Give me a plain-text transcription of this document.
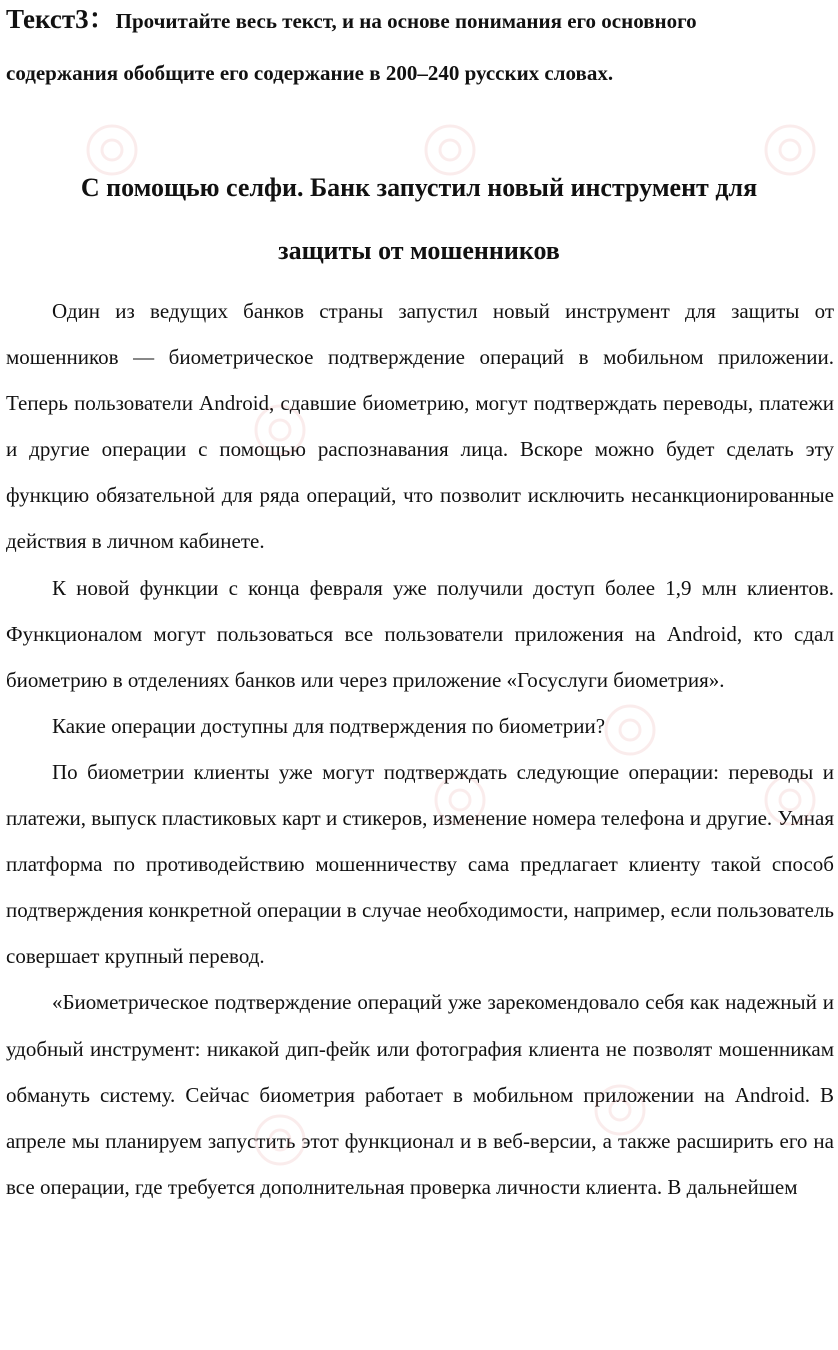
Текст3：Прочитайте весь текст, и на основе понимания его основного
содержания обобщите его содержание в 200–240 русских словах.
С помощью селфи. Банк запустил новый инструмент для
защиты от мошенников

Один из ведущих банков страны запустил новый инструмент для защиты от мошенников — биометрическое подтверждение операций в мобильном приложении. Теперь пользователи Android, сдавшие биометрию, могут подтверждать переводы, платежи и другие операции с помощью распознавания лица. Вскоре можно будет сделать эту функцию обязательной для ряда операций, что позволит исключить несанкционированные действия в личном кабинете.

К новой функции с конца февраля уже получили доступ более 1,9 млн клиентов. Функционалом могут пользоваться все пользователи приложения на Android, кто сдал биометрию в отделениях банков или через приложение «Госуслуги биометрия».

Какие операции доступны для подтверждения по биометрии?

По биометрии клиенты уже могут подтверждать следующие операции: переводы и платежи, выпуск пластиковых карт и стикеров, изменение номера телефона и другие. Умная платформа по противодействию мошенничеству сама предлагает клиенту такой способ подтверждения конкретной операции в случае необходимости, например, если пользователь совершает крупный перевод.

«Биометрическое подтверждение операций уже зарекомендовало себя как надежный и удобный инструмент: никакой дип-фейк или фотография клиента не позволят мошенникам обмануть систему. Сейчас биометрия работает в мобильном приложении на Android. В апреле мы планируем запустить этот функционал и в веб-версии, а также расширить его на все операции, где требуется дополнительная проверка личности клиента. В дальнейшем
